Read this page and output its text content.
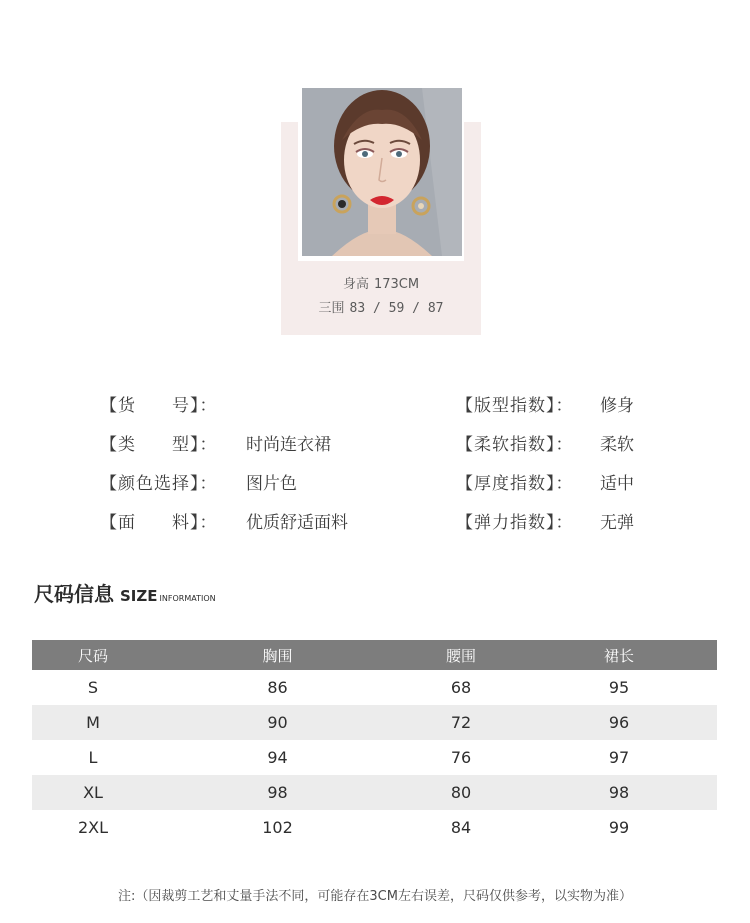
身高 173CM
三围 83 / 59 / 87
【货　　号】：
【类　　型】：	时尚连衣裙
【颜色选择】：	图片色
【面　　料】：	优质舒适面料
【版型指数】：	修身
【柔软指数】：	柔软
【厚度指数】：	适中
【弹力指数】：	无弹
尺码信息 SIZE INFORMATION
尺码	胸围	腰围	裙长
S	86	68	95
M	90	72	96
L	94	76	97
XL	98	80	98
2XL	102	84	99
注:（因裁剪工艺和丈量手法不同，可能存在3CM左右误差，尺码仅供参考，以实物为准）
